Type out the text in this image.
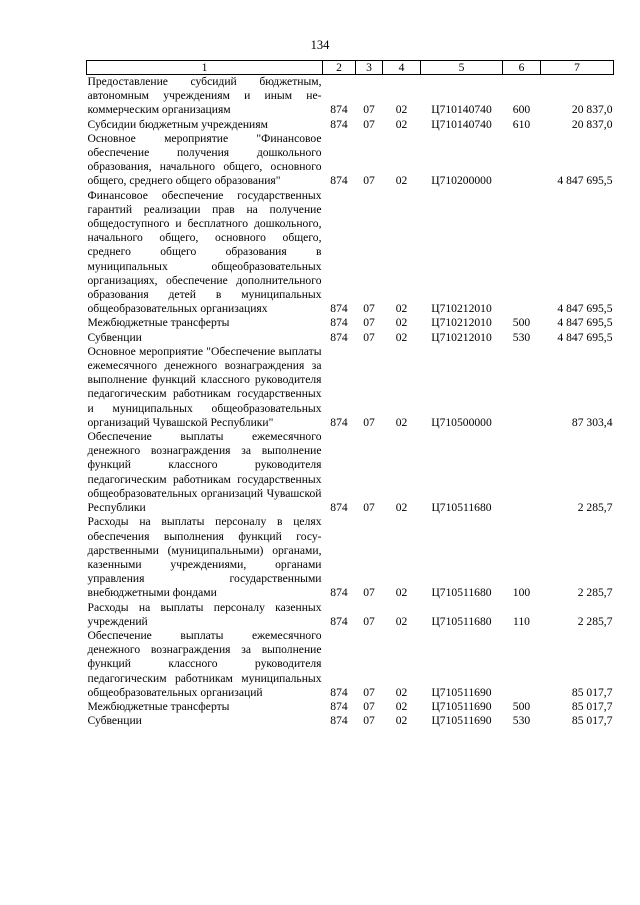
134
1	2	3	4	5	6	7
Предоставление субсидий бюджетным, автономным учреждениям и иным некоммерческим организациям	874	07	02	Ц710140740	600	20 837,0
Субсидии бюджетным учреждениям	874	07	02	Ц710140740	610	20 837,0
Основное мероприятие "Финансовое обеспечение получения дошкольного образования, начального общего, основного общего, среднего общего образования"	874	07	02	Ц710200000		4 847 695,5
Финансовое обеспечение государственных гарантий реализации прав на получение общедоступного и бесплатного дошкольного, начального общего, основного общего, среднего общего образования в муниципальных общеобразовательных организациях, обеспечение дополнительного образования детей в муниципальных общеобразовательных организациях	874	07	02	Ц710212010		4 847 695,5
Межбюджетные трансферты	874	07	02	Ц710212010	500	4 847 695,5
Субвенции	874	07	02	Ц710212010	530	4 847 695,5
Основное мероприятие "Обеспечение выплаты ежемесячного денежного вознаграждения за выполнение функций классного руководителя педагогическим работникам государственных и муниципальных общеобразовательных организаций Чувашской Республики"	874	07	02	Ц710500000		87 303,4
Обеспечение выплаты ежемесячного денежного вознаграждения за выполнение функций классного руководителя педагогическим работникам государственных общеобразовательных организаций Чувашской Республики	874	07	02	Ц710511680		2 285,7
Расходы на выплаты персоналу в целях обеспечения выполнения функций государственными (муниципальными) органами, казенными учреждениями, органами управления государственными внебюджетными фондами	874	07	02	Ц710511680	100	2 285,7
Расходы на выплаты персоналу казенных учреждений	874	07	02	Ц710511680	110	2 285,7
Обеспечение выплаты ежемесячного денежного вознаграждения за выполнение функций классного руководителя педагогическим работникам муниципальных общеобразовательных организаций	874	07	02	Ц710511690		85 017,7
Межбюджетные трансферты	874	07	02	Ц710511690	500	85 017,7
Субвенции	874	07	02	Ц710511690	530	85 017,7
